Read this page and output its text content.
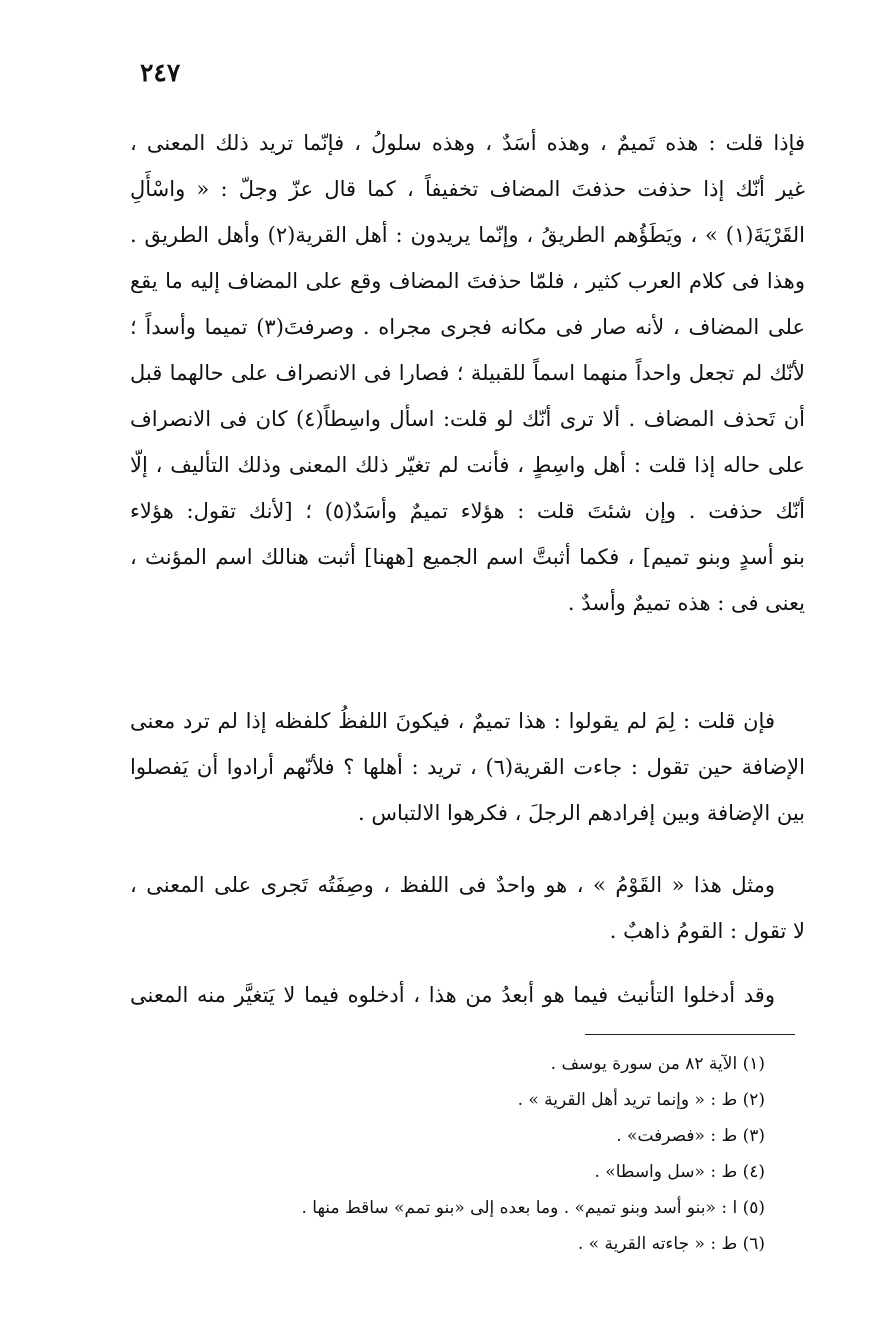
٢٤٧
فإذا قلت : هذه تَميمٌ ، وهذه أسَدٌ ، وهذه سلولُ ، فإنّما تريد ذلك المعنى ،
غير أنّك إذا حذفت حذفتَ المضاف تخفيفاً ، كما قال عزّ وجلّ : « واسْأَلِ
القَرْيَةَ(١) » ، ويَطَؤُهم الطريقُ ، وإنّما يريدون : أهل القرية(٢) وأهل الطريق .
وهذا فى كلام العرب كثير ، فلمّا حذفتَ المضاف وقع على المضاف إليه ما يقع
على المضاف ، لأنه صار فى مكانه فجرى مجراه . وصرفتَ(٣) تميما وأسداً ؛
لأنّك لم تجعل واحداً منهما اسماً للقبيلة ؛ فصارا فى الانصراف على حالهما قبل
أن تَحذف المضاف . ألا ترى أنّك لو قلت: اسأل واسِطاً(٤) كان فى الانصراف
على حاله إذا قلت : أهل واسِطٍ ، فأنت لم تغيّر ذلك المعنى وذلك التأليف ، إلّا
أنّك حذفت . وإن شئتَ قلت : هؤلاء تميمٌ وأسَدٌ(٥) ؛ [لأنك تقول: هؤلاء
بنو أسدٍ وبنو تميم] ، فكما أثبتَّ اسم الجميع [ههنا] أثبت هنالك اسم المؤنث ،
يعنى فى : هذه تميمٌ وأسدٌ .
فإن قلت : لِمَ لم يقولوا : هذا تميمٌ ، فيكونَ اللفظُ كلفظه إذا لم ترد معنى
الإضافة حين تقول : جاءت القرية(٦) ، تريد : أهلها ؟ فلأنّهم أرادوا أن يَفصلوا
بين الإضافة وبين إفرادهم الرجلَ ، فكرهوا الالتباس .
ومثل هذا « القَوْمُ » ، هو واحدٌ فى اللفظ ، وصِفَتُه تَجرى على المعنى ،
لا تقول : القومُ ذاهبٌ .
وقد أدخلوا التأنيث فيما هو أبعدُ من هذا ، أدخلوه فيما لا يَتغيَّر منه المعنى
(١) الآية ٨٢ من سورة يوسف .
(٢) ط : « وإنما تريد أهل القرية » .
(٣) ط : «فصرفت» .
(٤) ط : «سل واسطا» .
(٥) ا : «بنو أسد وبنو تميم» . وما بعده إلى «بنو تمم» ساقط منها .
(٦) ط : « جاءته القرية » .
